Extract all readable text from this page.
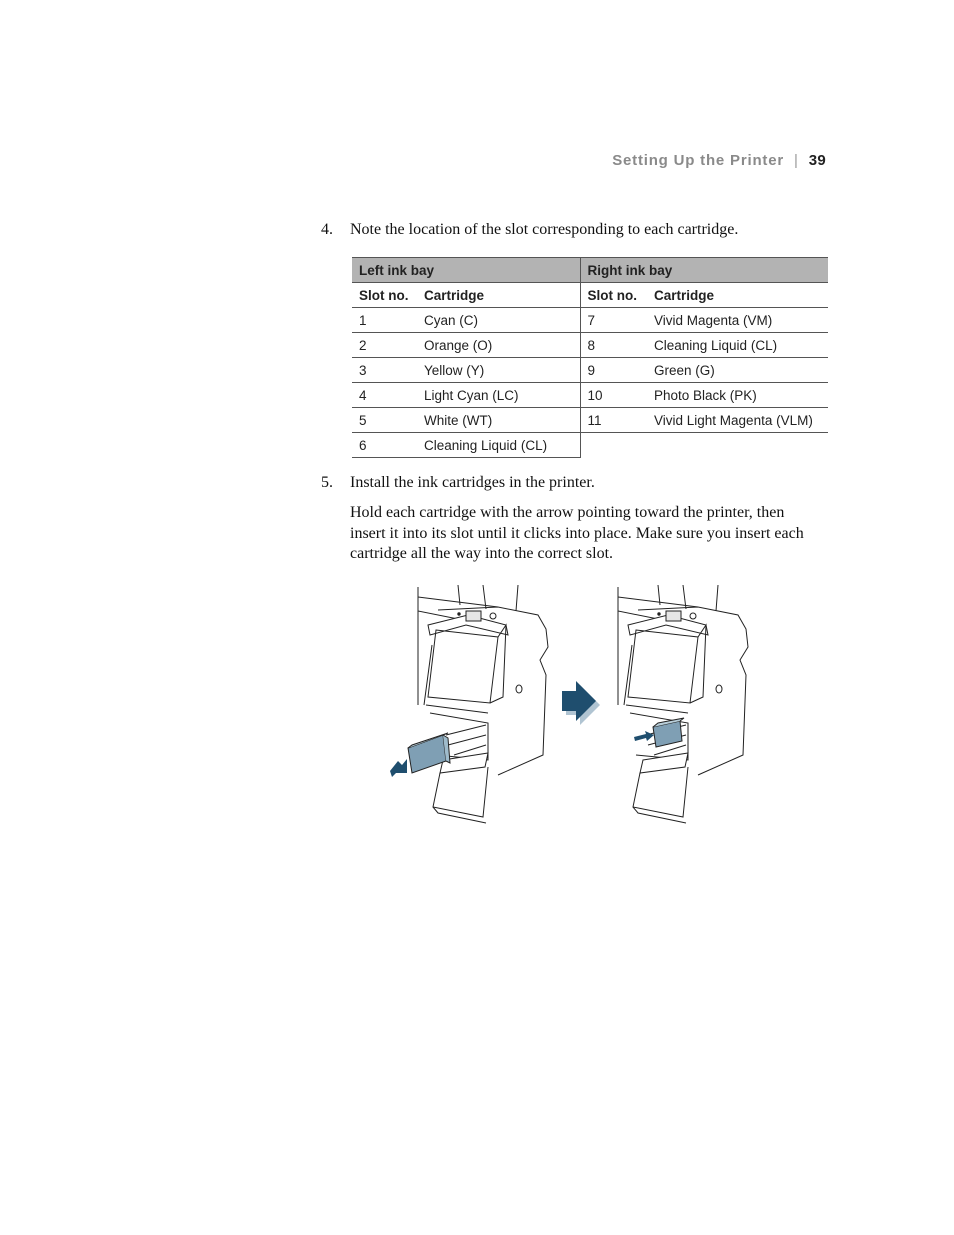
Setting Up the Printer | 39
4. Note the location of the slot corresponding to each cartridge.
Left ink bay		Right ink bay	
Slot no.	Cartridge	Slot no.	Cartridge
1	Cyan (C)	7	Vivid Magenta (VM)
2	Orange (O)	8	Cleaning Liquid (CL)
3	Yellow (Y)	9	Green (G)
4	Light Cyan (LC)	10	Photo Black (PK)
5	White (WT)	11	Vivid Light Magenta (VLM)
6	Cleaning Liquid (CL)		
5. Install the ink cartridges in the printer.
Hold each cartridge with the arrow pointing toward the printer, then
insert it into its slot until it clicks into place. Make sure you insert each
cartridge all the way into the correct slot.
